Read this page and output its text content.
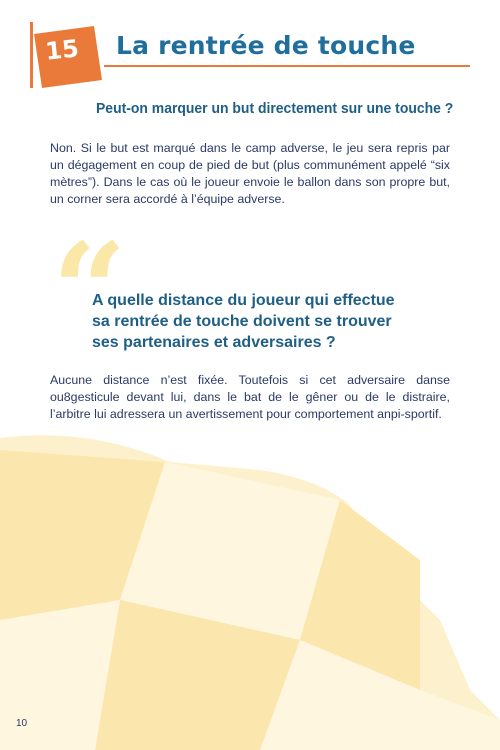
15	La rentrée de touche
Peut-on marquer un but directement sur une touche ?
Non. Si le but est marqué dans le camp adverse, le jeu sera repris par un dégagement en coup de pied de but (plus communément appelé “six mètres”). Dans le cas où le joueur envoie le ballon dans son propre but, un corner sera accordé à l’équipe adverse.
“
A quelle distance du joueur qui effectue
sa rentrée de touche doivent se trouver
ses partenaires et adversaires ?
Aucune distance n’est fixée. Toutefois si cet adversaire danse ou8gesticule devant lui, dans le bat de le gêner ou de le distraire, l’arbitre lui adressera un avertissement pour comportement anpi-sportif.
10
